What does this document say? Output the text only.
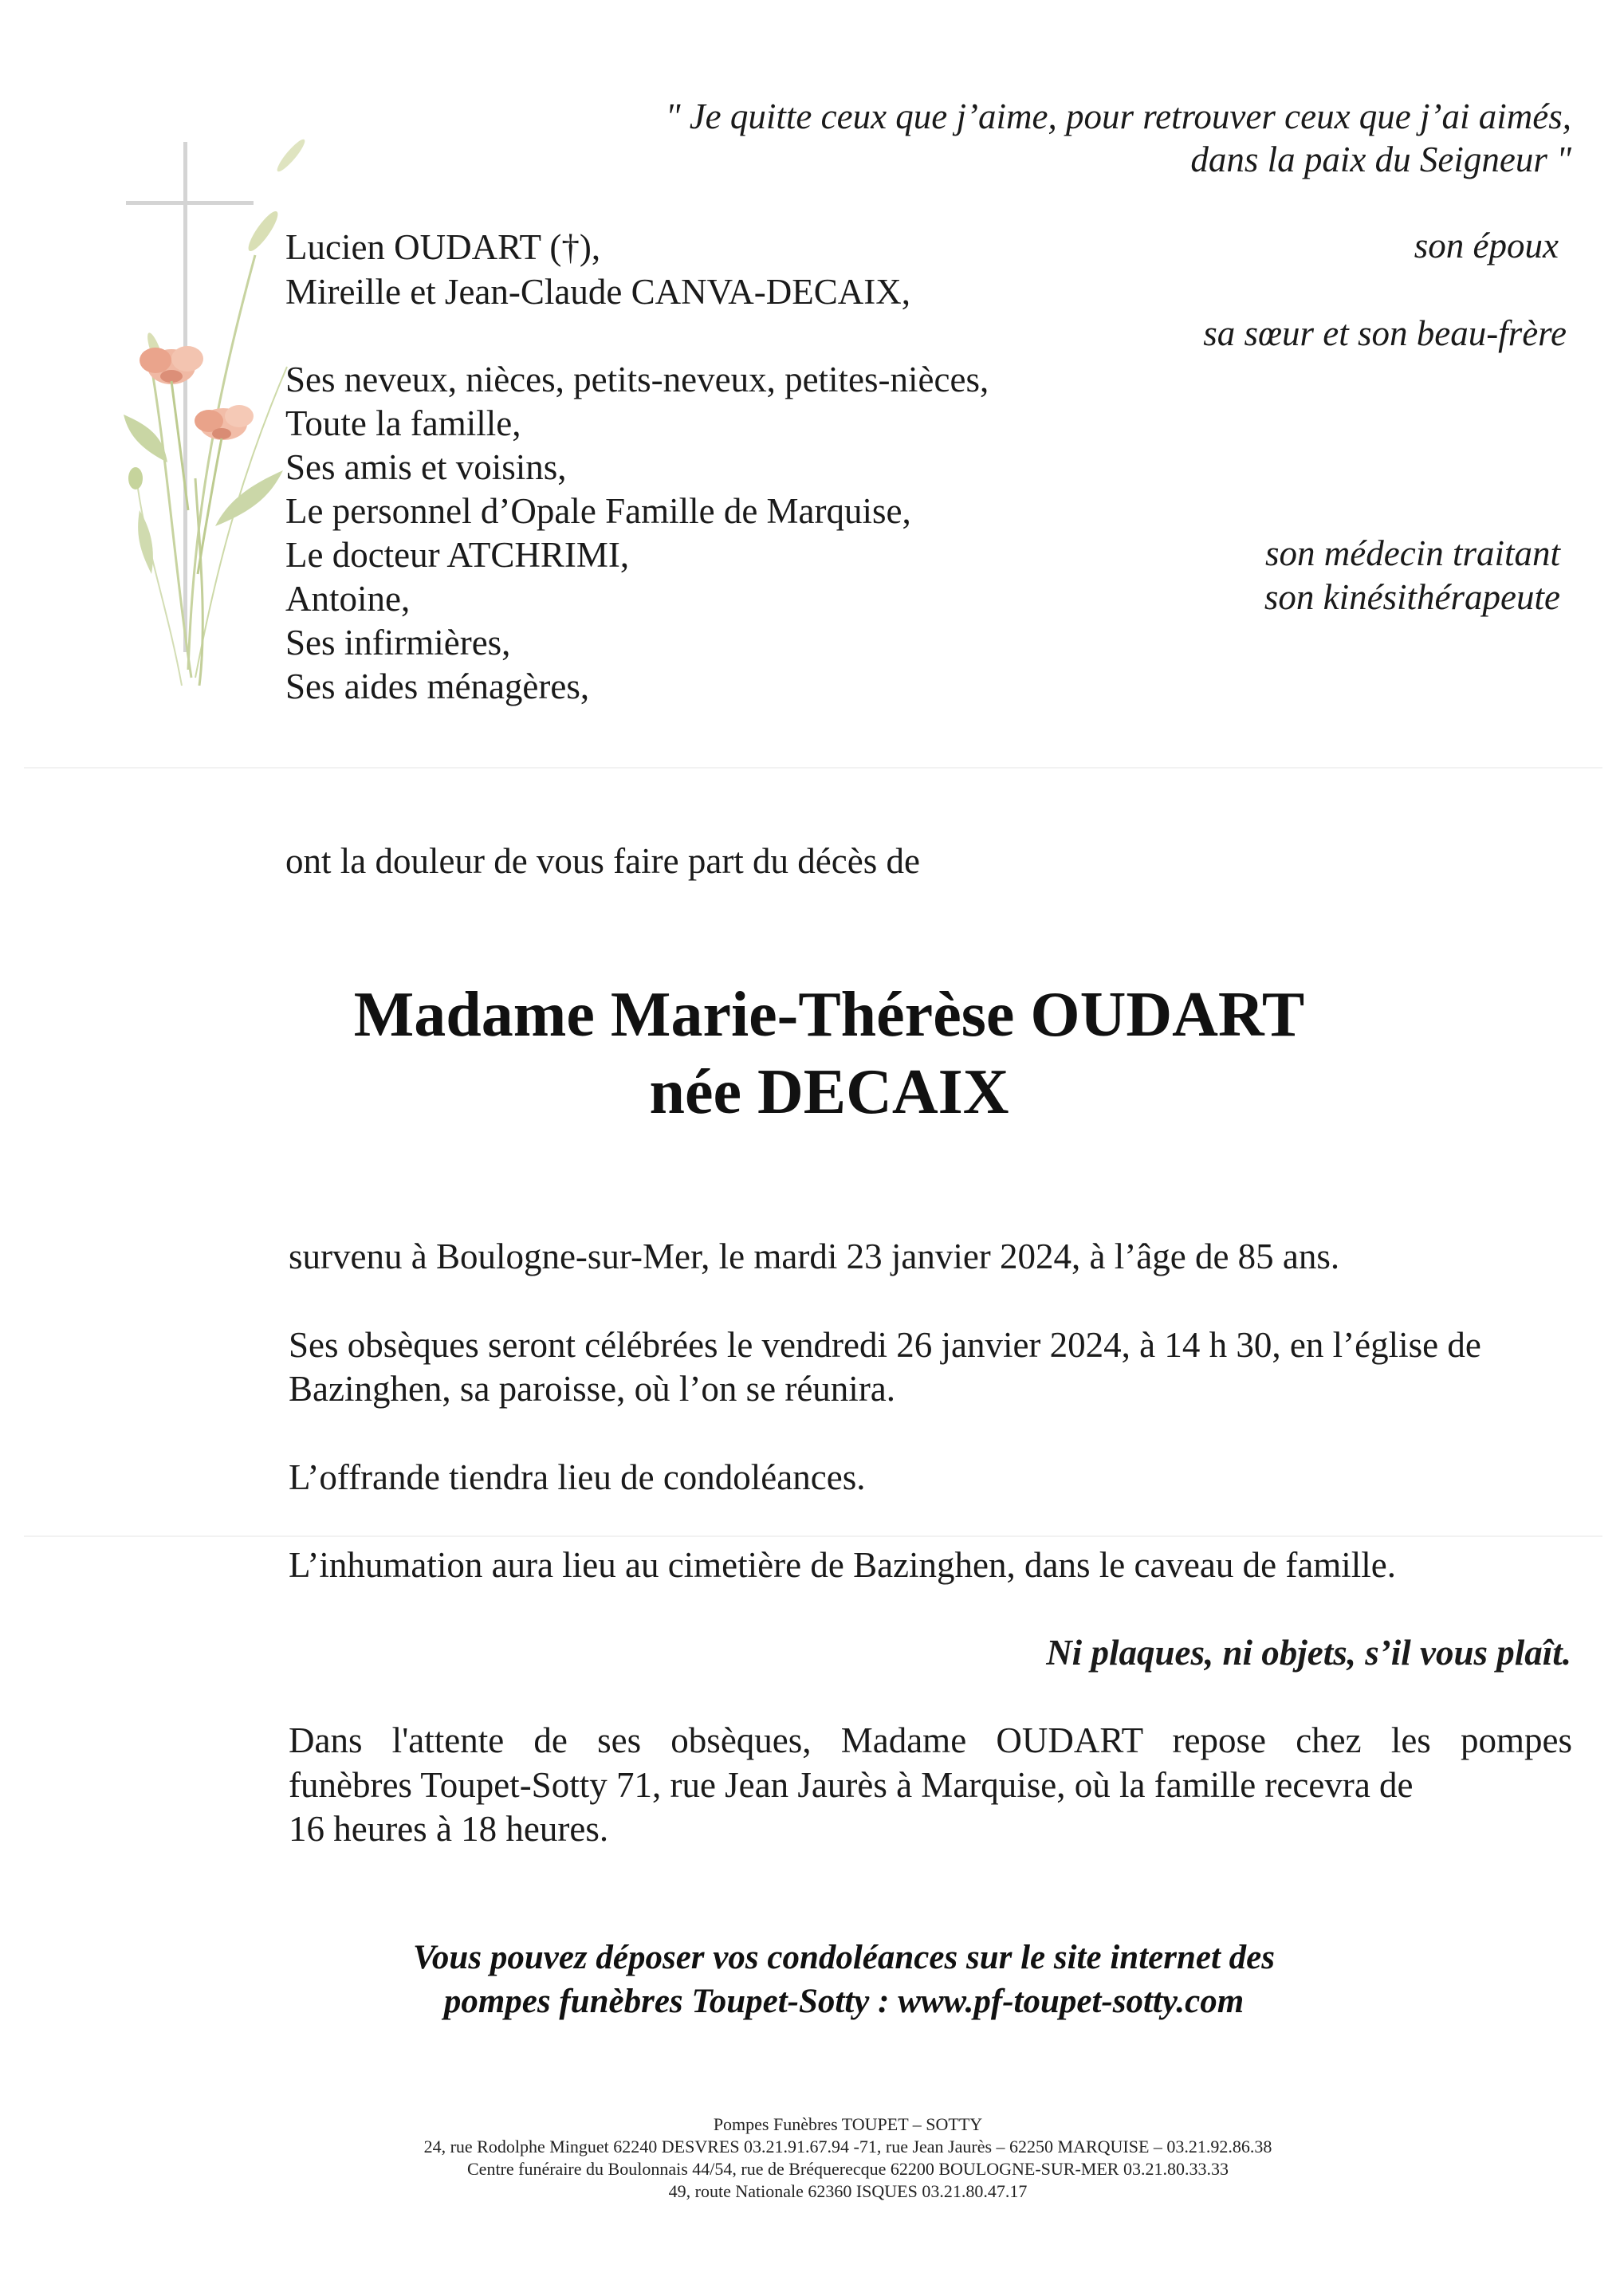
" Je quitte ceux que j’aime, pour retrouver ceux que j’ai aimés,
dans la paix du Seigneur "
Lucien OUDART (†),	son époux
Mireille et Jean-Claude CANVA-DECAIX,
sa sœur et son beau-frère
Ses neveux, nièces, petits-neveux, petites-nièces,
Toute la famille,
Ses amis et voisins,
Le personnel d’Opale Famille de Marquise,
Le docteur ATCHRIMI,	son médecin traitant
Antoine,	son kinésithérapeute
Ses infirmières,
Ses aides ménagères,
ont la douleur de vous faire part du décès de
Madame Marie-Thérèse OUDART
née DECAIX
survenu à Boulogne-sur-Mer, le mardi 23 janvier 2024, à l’âge de 85 ans.
Ses obsèques seront célébrées le vendredi 26 janvier 2024, à 14 h 30, en l’église de
Bazinghen, sa paroisse, où l’on se réunira.
L’offrande tiendra lieu de condoléances.
L’inhumation aura lieu au cimetière de Bazinghen, dans le caveau de famille.
Ni plaques, ni objets, s’il vous plaît.
Dans l'attente de ses obsèques, Madame OUDART repose chez les pompes
funèbres Toupet-Sotty 71, rue Jean Jaurès à Marquise, où la famille recevra de
16 heures à 18 heures.
Vous pouvez déposer vos condoléances sur le site internet des
pompes funèbres Toupet-Sotty : www.pf-toupet-sotty.com
Pompes Funèbres TOUPET – SOTTY
24, rue Rodolphe Minguet 62240 DESVRES 03.21.91.67.94 -71, rue Jean Jaurès – 62250 MARQUISE – 03.21.92.86.38
Centre funéraire du Boulonnais 44/54, rue de Bréquerecque 62200 BOULOGNE-SUR-MER 03.21.80.33.33
49, route Nationale 62360 ISQUES 03.21.80.47.17
